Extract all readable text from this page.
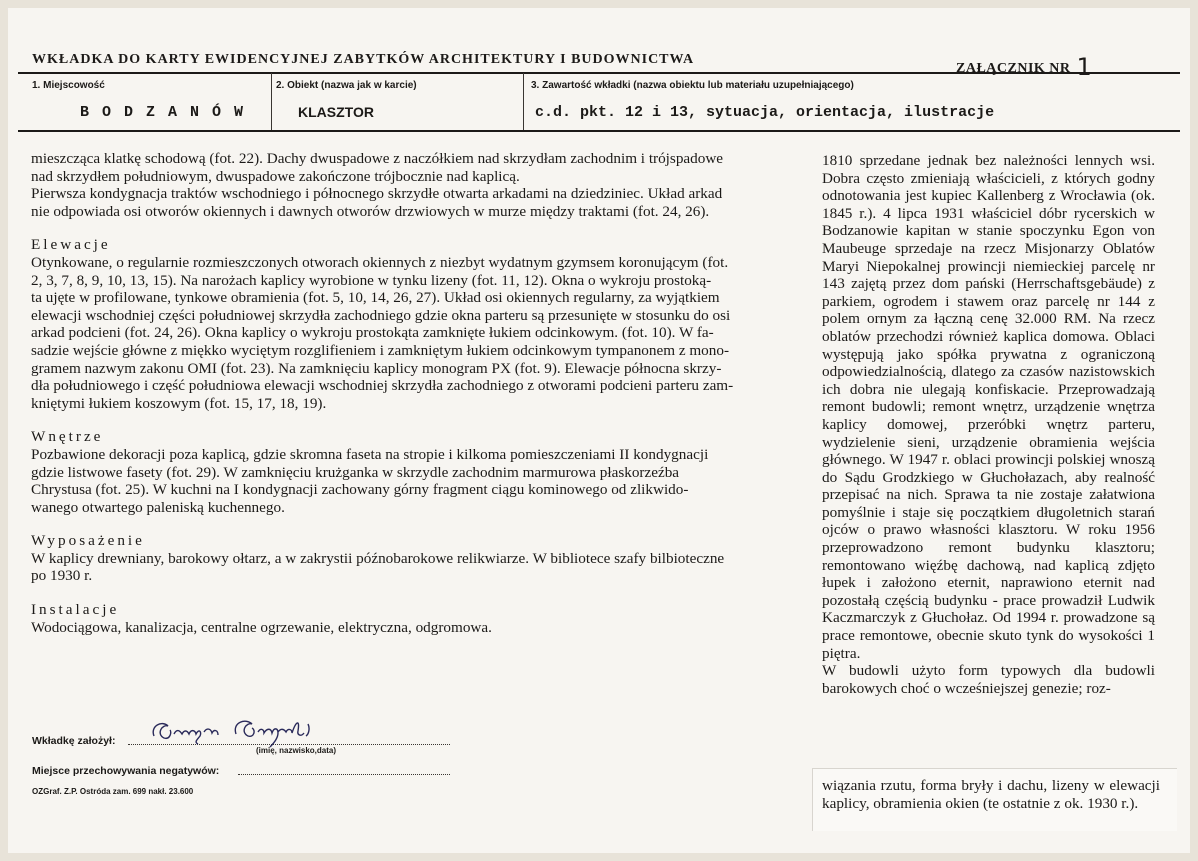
WKŁADKA DO KARTY EWIDENCYJNEJ ZABYTKÓW ARCHITEKTURY I BUDOWNICTWA
ZAŁĄCZNIK NR 1
1. Miejscowość
B O D Z A N Ó W
2. Obiekt (nazwa jak w karcie)
KLASZTOR
3. Zawartość wkładki (nazwa obiektu lub materiału uzupełniającego)
c.d. pkt. 12 i 13, sytuacja, orientacja, ilustracje

mieszcząca klatkę schodową (fot. 22). Dachy dwuspadowe z naczółkiem nad skrzydłam zachodnim i trójspadowe

nad skrzydłem południowym, dwuspadowe zakończone trójbocznie nad kaplicą.

Pierwsza kondygnacja traktów wschodniego i północnego skrzydłe otwarta arkadami na dziedziniec. Układ arkad

nie odpowiada osi otworów okiennych i dawnych otworów drzwiowych w murze między traktami (fot. 24, 26).

Elewacje

Otynkowane, o regularnie rozmieszczonych otworach okiennych z niezbyt wydatnym gzymsem koronującym (fot.

2, 3, 7, 8, 9, 10, 13, 15). Na narożach kaplicy wyrobione w tynku lizeny (fot. 11, 12). Okna o wykroju prostoką-

ta ujęte w profilowane, tynkowe obramienia (fot. 5, 10, 14, 26, 27). Układ osi okiennych regularny, za wyjątkiem

elewacji wschodniej części południowej skrzydła zachodniego gdzie okna parteru są przesunięte w stosunku do osi

arkad podcieni (fot. 24, 26). Okna kaplicy o wykroju prostokąta zamknięte łukiem odcinkowym. (fot. 10). W fa-

sadzie wejście główne z miękko wyciętym rozglifieniem i zamkniętym łukiem odcinkowym tympanonem z mono-

gramem nazwym zakonu OMI (fot. 23). Na zamknięciu kaplicy monogram PX (fot. 9). Elewacje północna skrzy-

dła południowego i część południowa elewacji wschodniej skrzydła zachodniego z otworami podcieni parteru zam-

kniętymi łukiem koszowym (fot. 15, 17, 18, 19).

Wnętrze

Pozbawione dekoracji poza kaplicą, gdzie skromna faseta na stropie i kilkoma pomieszczeniami II kondygnacji

gdzie listwowe fasety (fot. 29). W zamknięciu krużganka w skrzydle zachodnim marmurowa płaskorzeźba

Chrystusa (fot. 25). W kuchni na I kondygnacji zachowany górny fragment ciągu kominowego od zlikwido-

wanego otwartego paleniską kuchennego.

Wyposażenie

W kaplicy drewniany, barokowy ołtarz, a w zakrystii późnobarokowe relikwiarze. W bibliotece szafy bilbioteczne

po 1930 r.

Instalacje

Wodociągowa, kanalizacja, centralne ogrzewanie, elektryczna, odgromowa.

1810 sprzedane jednak bez należności lennych wsi. Dobra często zmieniają właścicieli, z których godny odnotowania jest kupiec Kallenberg z Wrocławia (ok. 1845 r.). 4 lipca 1931 właściciel dóbr rycerskich w Bodzanowie kapitan w stanie spoczynku Egon von Maubeuge sprzedaje na rzecz Misjonarzy Oblatów Maryi Niepokalnej prowincji niemieckiej parcelę nr 143 zajętą przez dom pański (Herrschaftsgebäude) z parkiem, ogrodem i stawem oraz parcelę nr 144 z polem ornym za łączną cenę 32.000 RM. Na rzecz oblatów przechodzi również kaplica domowa. Oblaci występują jako spółka prywatna z ograniczoną odpowiedzialnością, dlatego za czasów nazistowskich ich dobra nie ulegają konfiskacie. Przeprowadzają remont budowli; remont wnętrz, urządzenie wnętrza kaplicy domowej, przeróbki wnętrz parteru, wydzielenie sieni, urządzenie obramienia wejścia głównego. W 1947 r. oblaci prowincji polskiej wnoszą do Sądu Grodzkiego w Głuchołazach, aby realność przepisać na nich. Sprawa ta nie zostaje załatwiona pomyślnie i staje się początkiem długoletnich starań ojców o prawo własności klasztoru. W roku 1956 przeprowadzono remont budynku klasztoru; remontowano więźbę dachową, nad kaplicą zdjęto łupek i założono eternit, naprawiono eternit nad pozostałą częścią budynku - prace prowadził Ludwik Kaczmarczyk z Głuchołaz. Od 1994 r. prowadzone są prace remontowe, obecnie skuto tynk do wysokości 1 piętra.

W budowli użyto form typowych dla budowli barokowych choć o wcześniejszej genezie; roz-

wiązania rzutu, forma bryły i dachu, lizeny w elewacji kaplicy, obramienia okien (te ostatnie z ok. 1930 r.).
Wkładkę założył:
(imię, nazwisko,data)
Miejsce przechowywania negatywów:
OZGraf. Z.P. Ostróda zam. 699 nakł. 23.600
